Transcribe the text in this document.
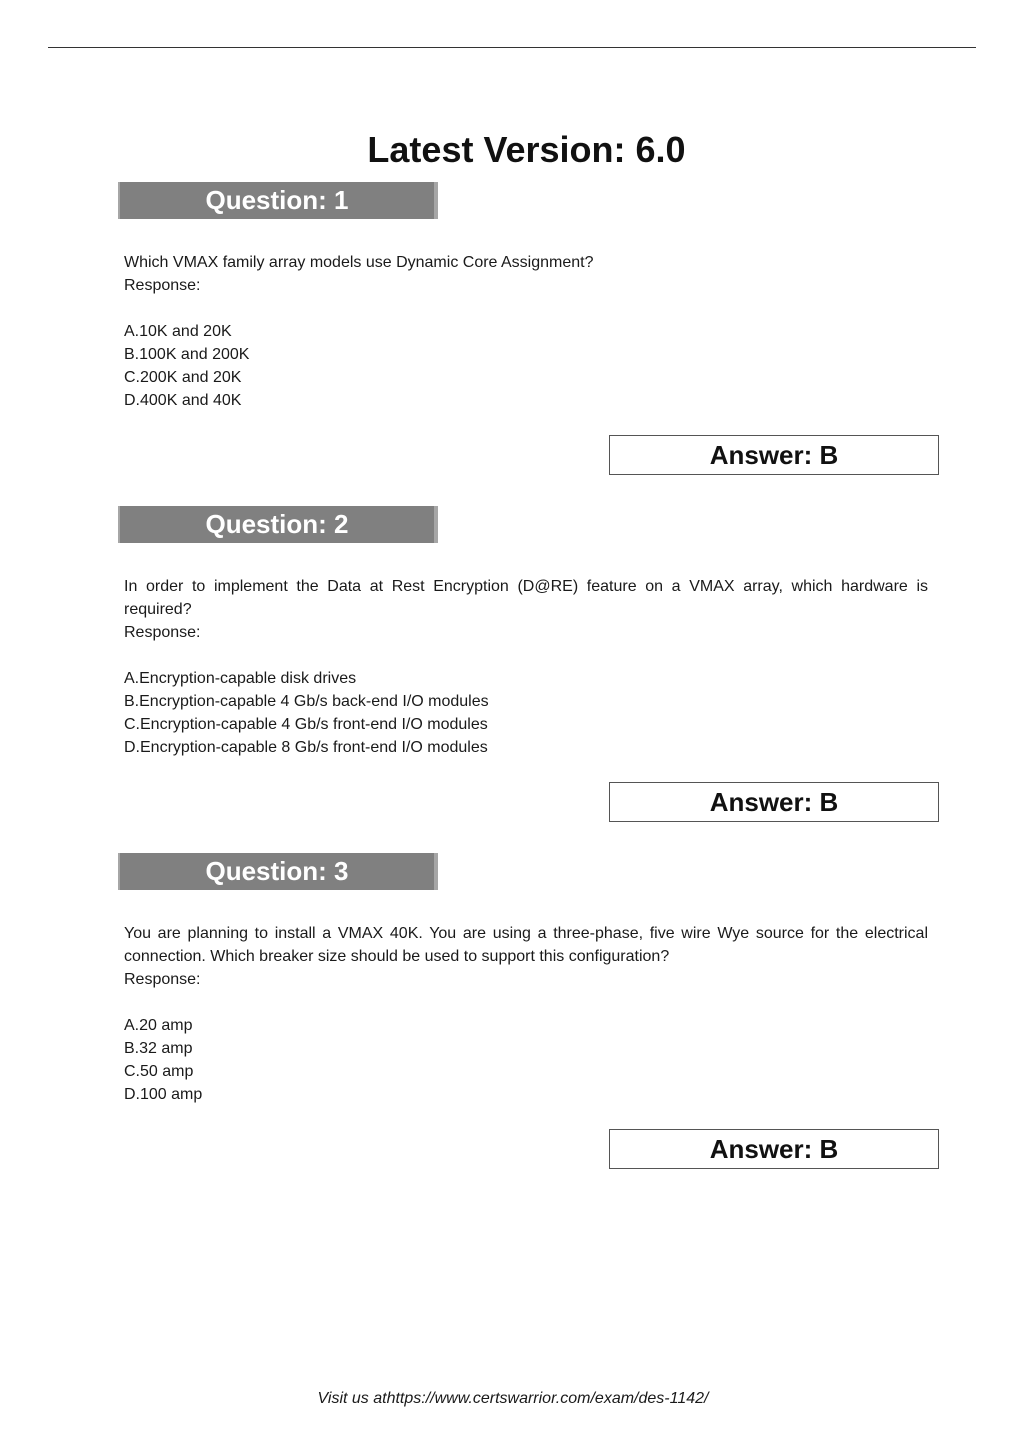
Latest Version: 6.0
Question: 1

Which VMAX family array models use Dynamic Core Assignment?

Response:
A.10K and 20K
B.100K and 200K
C.200K and 20K
D.400K and 40K
Answer: B
Question: 2

In order to implement the Data at Rest Encryption (D@RE) feature on a VMAX array, which hardware is required?

Response:
A.Encryption-capable disk drives
B.Encryption-capable 4 Gb/s back-end I/O modules
C.Encryption-capable 4 Gb/s front-end I/O modules
D.Encryption-capable 8 Gb/s front-end I/O modules
Answer: B
Question: 3

You are planning to install a VMAX 40K. You are using a three-phase, five wire Wye source for the electrical connection. Which breaker size should be used to support this configuration?

Response:
A.20 amp
B.32 amp
C.50 amp
D.100 amp
Answer: B
Visit us athttps://www.certswarrior.com/exam/des-1142/
